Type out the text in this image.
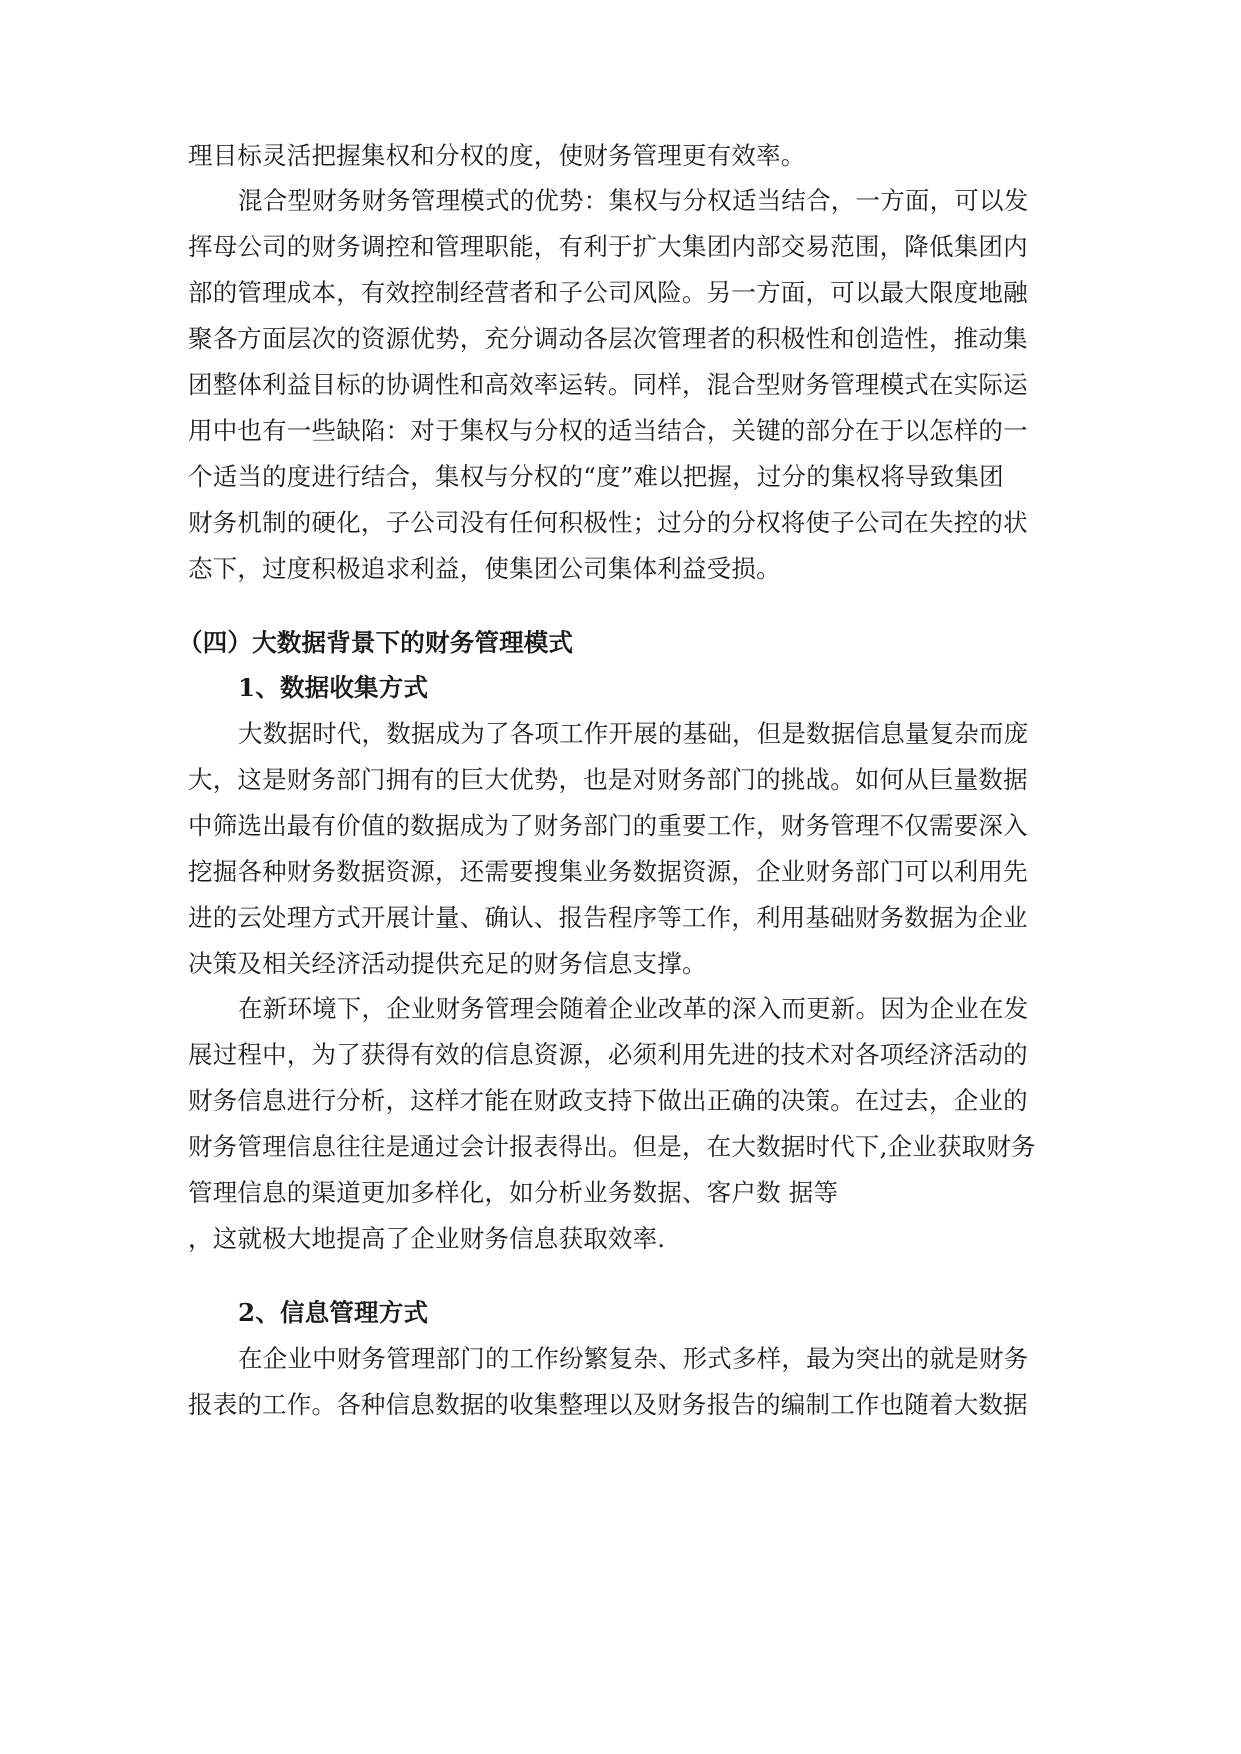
理目标灵活把握集权和分权的度，使财务管理更有效率。
混合型财务财务管理模式的优势：集权与分权适当结合，一方面，可以发
挥母公司的财务调控和管理职能，有利于扩大集团内部交易范围，降低集团内
部的管理成本，有效控制经营者和子公司风险。另一方面，可以最大限度地融
聚各方面层次的资源优势，充分调动各层次管理者的积极性和创造性，推动集
团整体利益目标的协调性和高效率运转。同样，混合型财务管理模式在实际运
用中也有一些缺陷：对于集权与分权的适当结合，关键的部分在于以怎样的一
个适当的度进行结合，集权与分权的“度”难以把握，过分的集权将导致集团
财务机制的硬化，子公司没有任何积极性；过分的分权将使子公司在失控的状
态下，过度积极追求利益，使集团公司集体利益受损。
（四）大数据背景下的财务管理模式
1、数据收集方式
大数据时代，数据成为了各项工作开展的基础，但是数据信息量复杂而庞
大，这是财务部门拥有的巨大优势，也是对财务部门的挑战。如何从巨量数据
中筛选出最有价值的数据成为了财务部门的重要工作，财务管理不仅需要深入
挖掘各种财务数据资源，还需要搜集业务数据资源，企业财务部门可以利用先
进的云处理方式开展计量、确认、报告程序等工作，利用基础财务数据为企业
决策及相关经济活动提供充足的财务信息支撑。
在新环境下，企业财务管理会随着企业改革的深入而更新。因为企业在发
展过程中，为了获得有效的信息资源，必须利用先进的技术对各项经济活动的
财务信息进行分析，这样才能在财政支持下做出正确的决策。在过去，企业的
财务管理信息往往是通过会计报表得出。但是，在大数据时代下,企业获取财务
管理信息的渠道更加多样化，如分析业务数据、客户数 据等
，这就极大地提高了企业财务信息获取效率.
2、信息管理方式
在企业中财务管理部门的工作纷繁复杂、形式多样，最为突出的就是财务
报表的工作。各种信息数据的收集整理以及财务报告的编制工作也随着大数据
